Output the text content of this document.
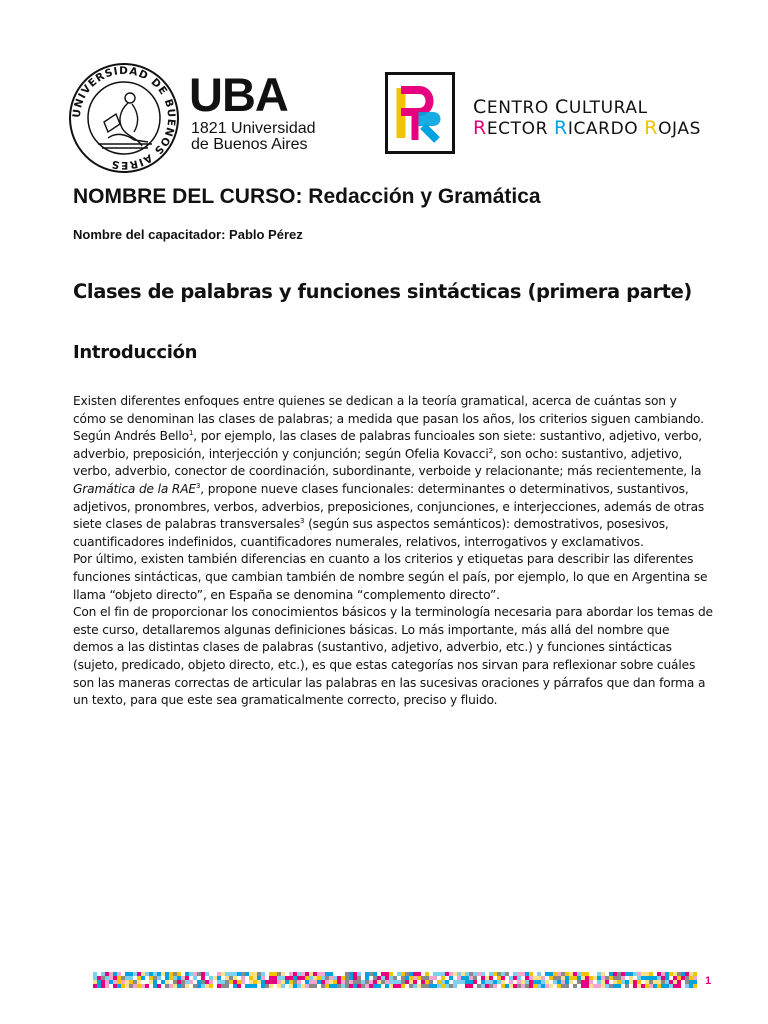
UNIVERSIDAD DE BUENOS AIRES
UBA
1821 Universidad
de Buenos Aires
CENTRO CULTURAL
RECTOR RICARDO ROJAS
NOMBRE DEL CURSO: Redacción y Gramática
Nombre del capacitador: Pablo Pérez
Clases de palabras y funciones sintácticas (primera parte)
Introducción

Existen diferentes enfoques entre quienes se dedican a la teoría gramatical, acerca de cuántas son y cómo se denominan las clases de palabras; a medida que pasan los años, los criterios siguen cambiando. Según Andrés Bello$^1$, por ejemplo, las clases de palabras funcioales son siete: sustantivo, adjetivo, verbo, adverbio, preposición, interjección y conjunción; según Ofelia Kovacci$^2$, son ocho: sustantivo, adjetivo, verbo, adverbio, conector de coordinación, subordinante, verboide y relacionante; más recientemente, la Gramática de la RAE$^3$, propone nueve clases funcionales: determinantes o determinativos, sustantivos, adjetivos, pronombres, verbos, adverbios, preposiciones, conjunciones, e interjecciones, además de otras siete clases de palabras transversales$^3$ (según sus aspectos semánticos): demostrativos, posesivos, cuantificadores indefinidos, cuantificadores numerales, relativos, interrogativos y exclamativos.

Por último, existen también diferencias en cuanto a los criterios y etiquetas para describir las diferentes funciones sintácticas, que cambian también de nombre según el país, por ejemplo, lo que en Argentina se llama “objeto directo”, en España se denomina “complemento directo”.

Con el fin de proporcionar los conocimientos básicos y la terminología necesaria para abordar los temas de este curso, detallaremos algunas definiciones básicas. Lo más importante, más allá del nombre que demos a las distintas clases de palabras (sustantivo, adjetivo, adverbio, etc.) y funciones sintácticas (sujeto, predicado, objeto directo, etc.), es que estas categorías nos sirvan para reflexionar sobre cuáles son las maneras correctas de articular las palabras en las sucesivas oraciones y párrafos que dan forma a un texto, para que este sea gramaticalmente correcto, preciso y fluido.

1
